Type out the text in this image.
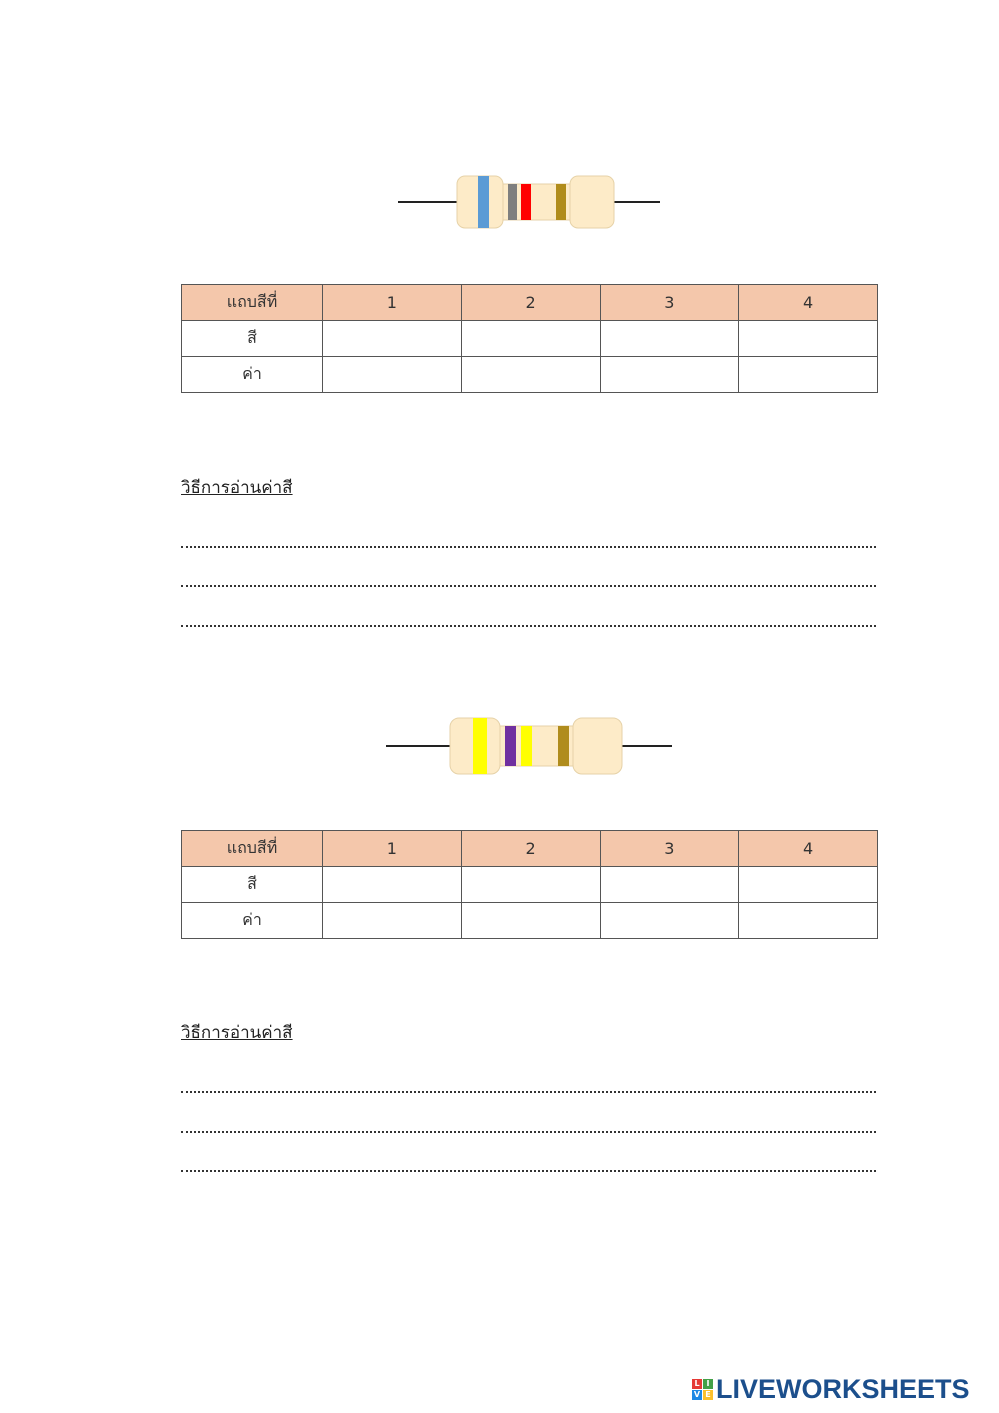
แถบสีที่	1	2	3	4
สี				
ค่า				

วิธีการอ่านค่าสี

แถบสีที่	1	2	3	4
สี				
ค่า				

วิธีการอ่านค่าสี

L I
V E LIVEWORKSHEETS
